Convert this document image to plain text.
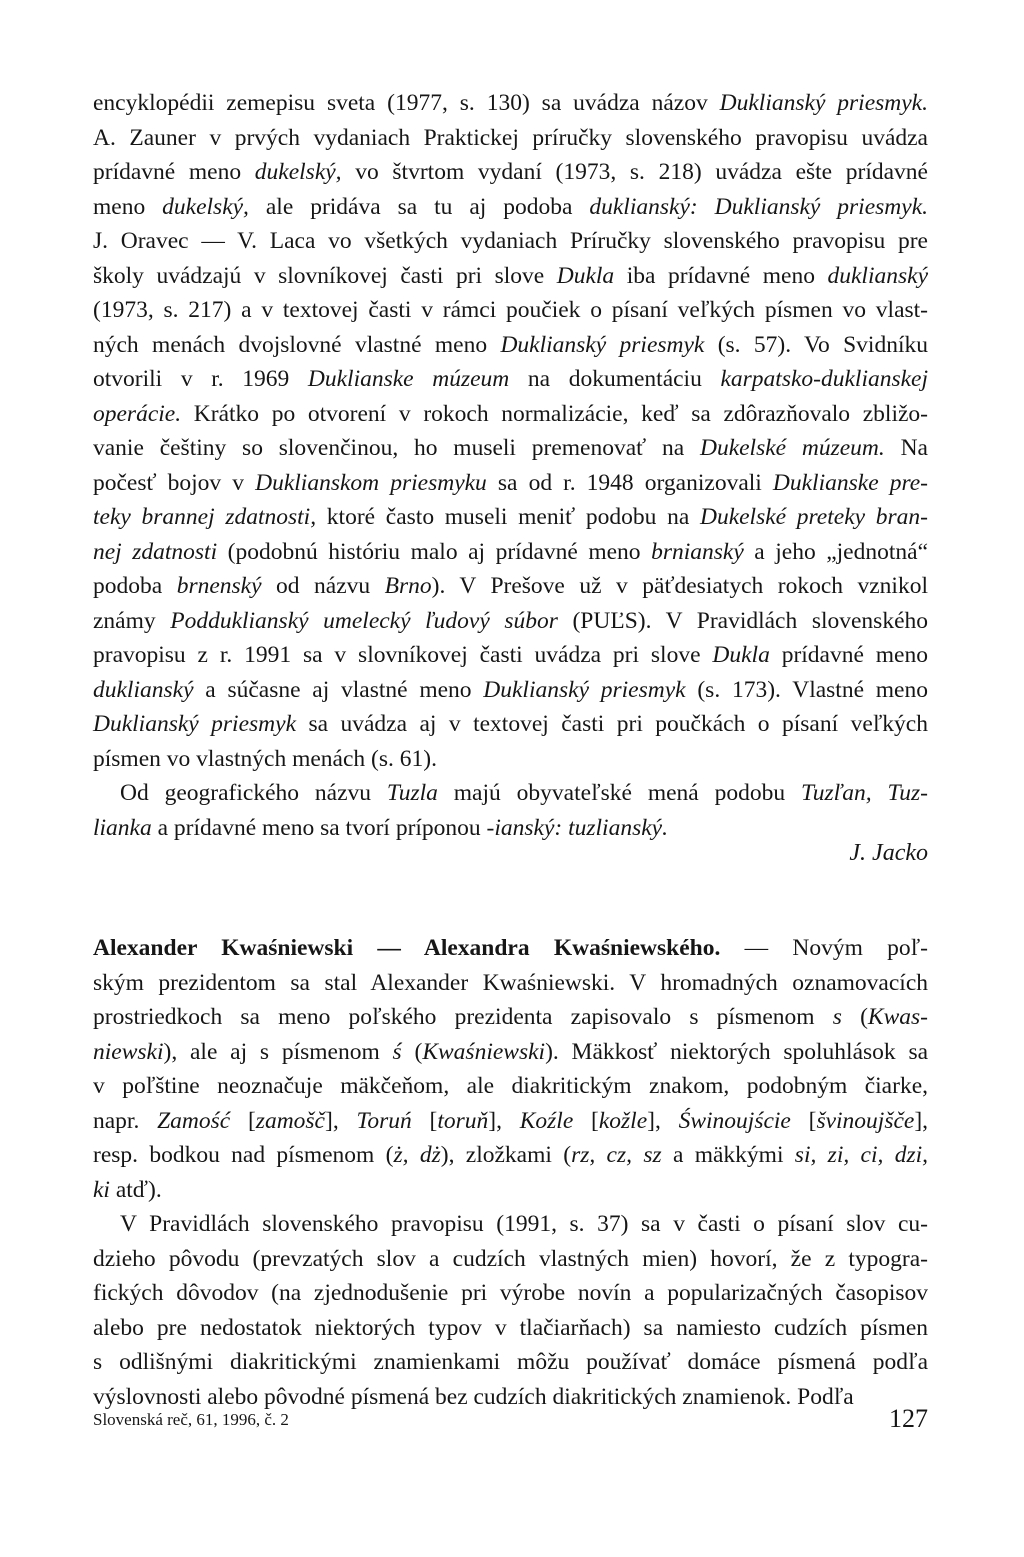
encyklopédii zemepisu sveta (1977, s. 130) sa uvádza názov Duklianský priesmyk.
A. Zauner v prvých vydaniach Praktickej príručky slovenského pravopisu uvádza
prídavné meno dukelský, vo štvrtom vydaní (1973, s. 218) uvádza ešte prídavné
meno dukelský, ale pridáva sa tu aj podoba duklianský: Duklianský priesmyk.
J. Oravec — V. Laca vo všetkých vydaniach Príručky slovenského pravopisu pre
školy uvádzajú v slovníkovej časti pri slove Dukla iba prídavné meno duklianský
(1973, s. 217) a v textovej časti v rámci poučiek o písaní veľkých písmen vo vlast-
ných menách dvojslovné vlastné meno Duklianský priesmyk (s. 57). Vo Svidníku
otvorili v r. 1969 Duklianske múzeum na dokumentáciu karpatsko-duklianskej
operácie. Krátko po otvorení v rokoch normalizácie, keď sa zdôrazňovalo zbližo-
vanie češtiny so slovenčinou, ho museli premenovať na Dukelské múzeum. Na
počesť bojov v Duklianskom priesmyku sa od r. 1948 organizovali Duklianske pre-
teky brannej zdatnosti, ktoré často museli meniť podobu na Dukelské preteky bran-
nej zdatnosti (podobnú históriu malo aj prídavné meno brnianský a jeho „jednotná“
podoba brnenský od názvu Brno). V Prešove už v päťdesiatych rokoch vznikol
známy Podduklianský umelecký ľudový súbor (PUĽS). V Pravidlách slovenského
pravopisu z r. 1991 sa v slovníkovej časti uvádza pri slove Dukla prídavné meno
duklianský a súčasne aj vlastné meno Duklianský priesmyk (s. 173). Vlastné meno
Duklianský priesmyk sa uvádza aj v textovej časti pri poučkách o písaní veľkých
písmen vo vlastných menách (s. 61).
Od geografického názvu Tuzla majú obyvateľské mená podobu Tuzľan, Tuz-
lianka a prídavné meno sa tvorí príponou -ianský: tuzlianský.
J. Jacko
Alexander Kwaśniewski — Alexandra Kwaśniewského. — Novým poľ-
ským prezidentom sa stal Alexander Kwaśniewski. V hromadných oznamovacích
prostriedkoch sa meno poľského prezidenta zapisovalo s písmenom s (Kwas-
niewski), ale aj s písmenom ś (Kwaśniewski). Mäkkosť niektorých spoluhlások sa
v poľštine neoznačuje mäkčeňom, ale diakritickým znakom, podobným čiarke,
napr. Zamość [zamošč], Toruń [toruň], Koźle [kožle], Świnoujście [švinoujšče],
resp. bodkou nad písmenom (ż, dż), zložkami (rz, cz, sz a mäkkými si, zi, ci, dzi,
ki atď).
V Pravidlách slovenského pravopisu (1991, s. 37) sa v časti o písaní slov cu-
dzieho pôvodu (prevzatých slov a cudzích vlastných mien) hovorí, že z typogra-
fických dôvodov (na zjednodušenie pri výrobe novín a popularizačných časopisov
alebo pre nedostatok niektorých typov v tlačiarňach) sa namiesto cudzích písmen
s odlišnými diakritickými znamienkami môžu používať domáce písmená podľa
výslovnosti alebo pôvodné písmená bez cudzích diakritických znamienok. Podľa
Slovenská reč, 61, 1996, č. 2	127
